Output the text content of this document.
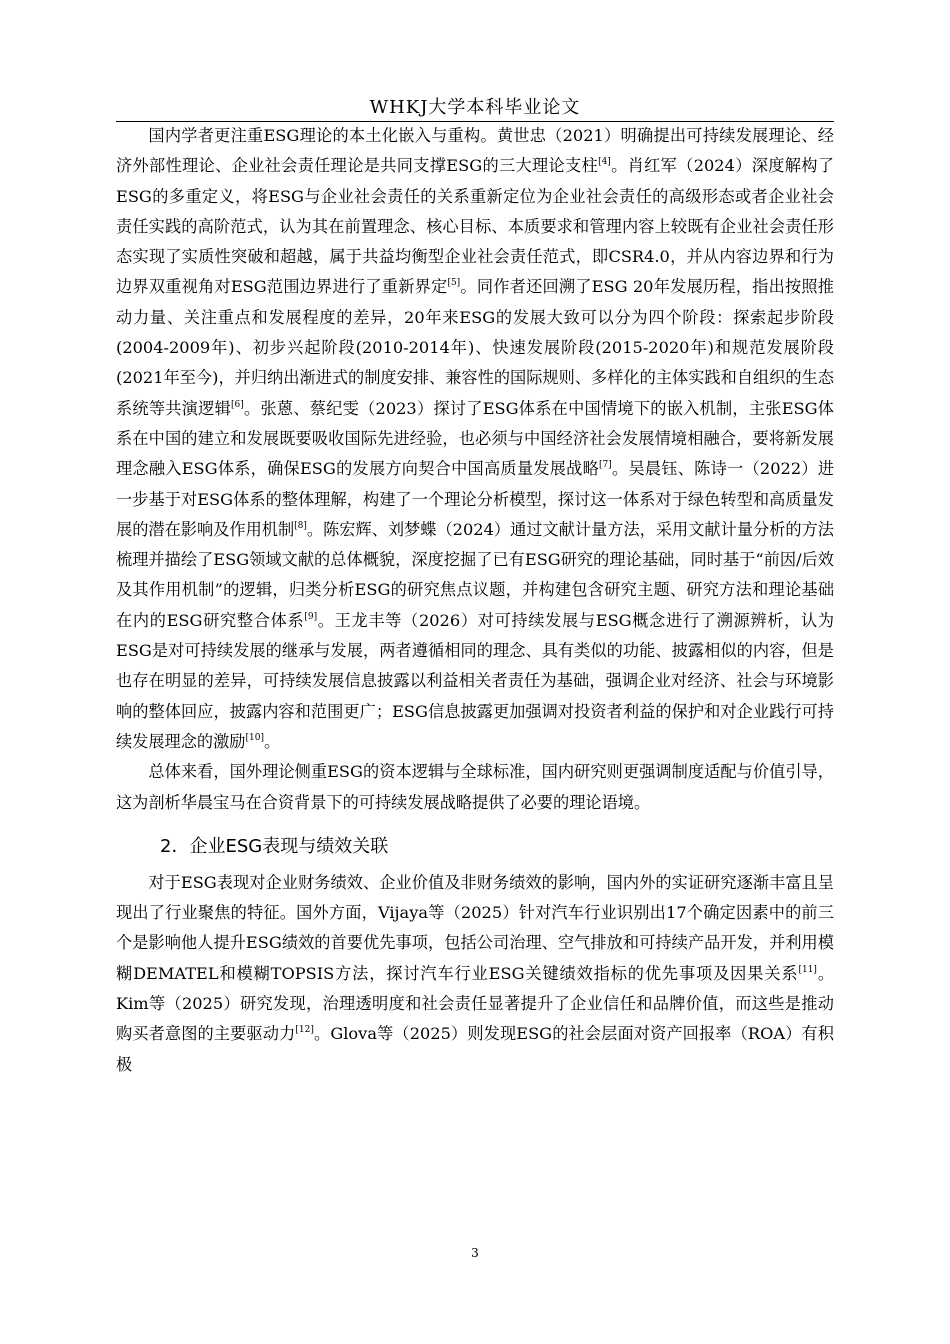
WHKJ大学本科毕业论文

国内学者更注重ESG理论的本土化嵌入与重构。黄世忠（2021）明确提出可持续发展理论、经济外部性理论、企业社会责任理论是共同支撑ESG的三大理论支柱[4]。肖红军（2024）深度解构了ESG的多重定义，将ESG与企业社会责任的关系重新定位为企业社会责任的高级形态或者企业社会责任实践的高阶范式，认为其在前置理念、核心目标、本质要求和管理内容上较既有企业社会责任形态实现了实质性突破和超越，属于共益均衡型企业社会责任范式，即CSR4.0，并从内容边界和行为边界双重视角对ESG范围边界进行了重新界定[5]。同作者还回溯了ESG 20年发展历程，指出按照推动力量、关注重点和发展程度的差异，20年来ESG的发展大致可以分为四个阶段：探索起步阶段(2004-2009年)、初步兴起阶段(2010-2014年)、快速发展阶段(2015-2020年)和规范发展阶段(2021年至今)，并归纳出渐进式的制度安排、兼容性的国际规则、多样化的主体实践和自组织的生态系统等共演逻辑[6]。张蒽、蔡纪雯（2023）探讨了ESG体系在中国情境下的嵌入机制，主张ESG体系在中国的建立和发展既要吸收国际先进经验，也必须与中国经济社会发展情境相融合，要将新发展理念融入ESG体系，确保ESG的发展方向契合中国高质量发展战略[7]。吴晨钰、陈诗一（2022）进一步基于对ESG体系的整体理解，构建了一个理论分析模型，探讨这一体系对于绿色转型和高质量发展的潜在影响及作用机制[8]。陈宏辉、刘梦蝶（2024）通过文献计量方法，采用文献计量分析的方法梳理并描绘了ESG领域文献的总体概貌，深度挖掘了已有ESG研究的理论基础，同时基于“前因/后效及其作用机制”的逻辑，归类分析ESG的研究焦点议题，并构建包含研究主题、研究方法和理论基础在内的ESG研究整合体系[9]。王龙丰等（2026）对可持续发展与ESG概念进行了溯源辨析，认为ESG是对可持续发展的继承与发展，两者遵循相同的理念、具有类似的功能、披露相似的内容，但是也存在明显的差异，可持续发展信息披露以利益相关者责任为基础，强调企业对经济、社会与环境影响的整体回应，披露内容和范围更广；ESG信息披露更加强调对投资者利益的保护和对企业践行可持续发展理念的激励[10]。

总体来看，国外理论侧重ESG的资本逻辑与全球标准，国内研究则更强调制度适配与价值引导，这为剖析华晨宝马在合资背景下的可持续发展战略提供了必要的理论语境。

2．企业ESG表现与绩效关联

对于ESG表现对企业财务绩效、企业价值及非财务绩效的影响，国内外的实证研究逐渐丰富且呈现出了行业聚焦的特征。国外方面，Vijaya等（2025）针对汽车行业识别出17个确定因素中的前三个是影响他人提升ESG绩效的首要优先事项，包括公司治理、空气排放和可持续产品开发，并利用模糊DEMATEL和模糊TOPSIS方法，探讨汽车行业ESG关键绩效指标的优先事项及因果关系[11]。Kim等（2025）研究发现，治理透明度和社会责任显著提升了企业信任和品牌价值，而这些是推动购买者意图的主要驱动力[12]。Glova等（2025）则发现ESG的社会层面对资产回报率（ROA）有积极

3
